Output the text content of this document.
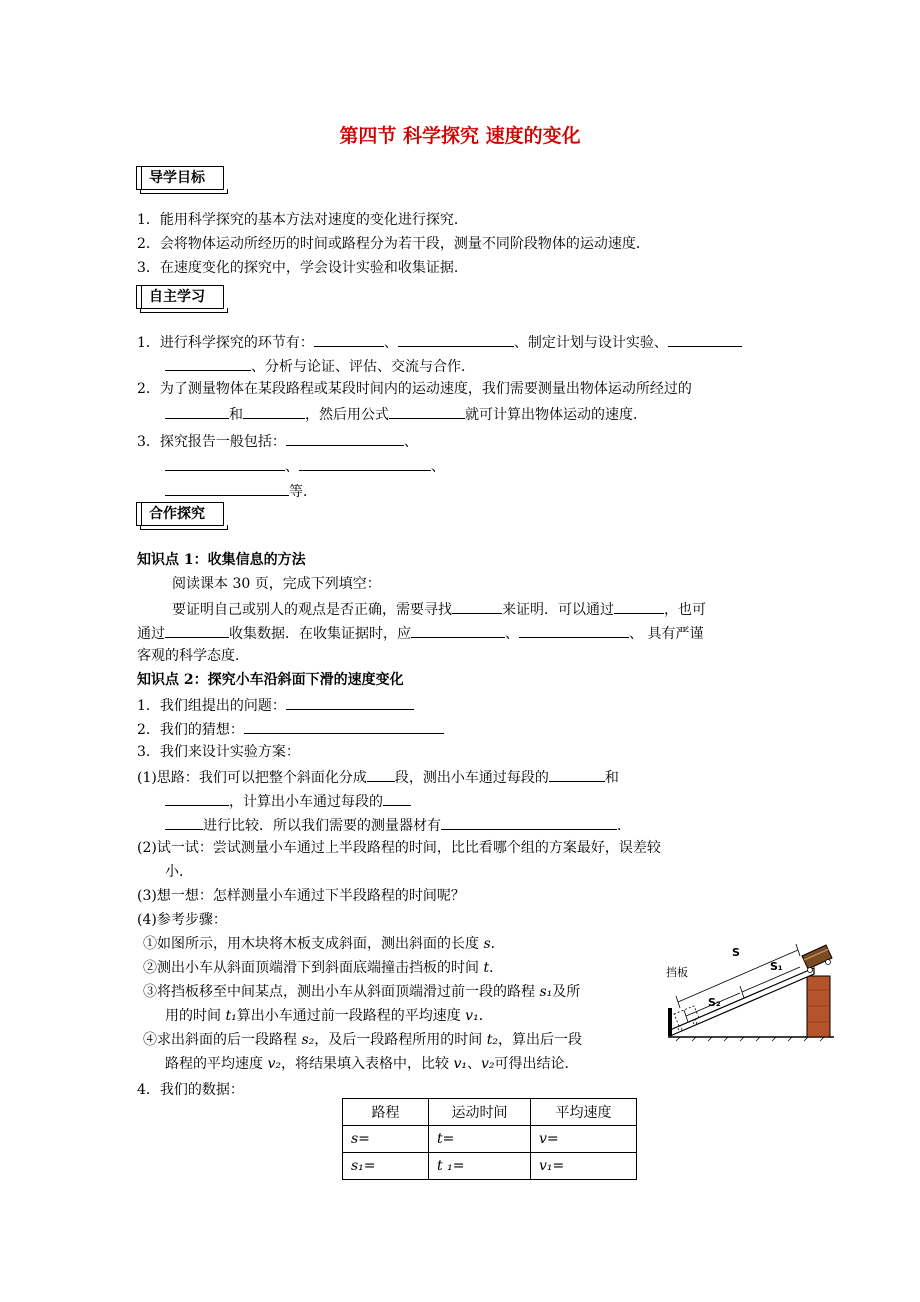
第四节 科学探究 速度的变化
导学目标
1．能用科学探究的基本方法对速度的变化进行探究．
2．会将物体运动所经历的时间或路程分为若干段，测量不同阶段物体的运动速度．
3．在速度变化的探究中，学会设计实验和收集证据．
自主学习
1．进行科学探究的环节有：	、	、制定计划与设计实验、
、分析与论证、评估、交流与合作．
2．为了测量物体在某段路程或某段时间内的运动速度，我们需要测量出物体运动所经过的
和	，然后用公式	就可计算出物体运动的速度．
3．探究报告一般包括：	、
、	、
等．
合作探究
知识点 1：收集信息的方法
阅读课本 30 页，完成下列填空：
要证明自己或别人的观点是否正确，需要寻找	来证明．可以通过	，也可
通过	收集数据．在收集证据时，应	、	、 具有严谨
客观的科学态度．
知识点 2：探究小车沿斜面下滑的速度变化
1．我们组提出的问题：
2．我们的猜想：
3．我们来设计实验方案：
(1)思路：我们可以把整个斜面化分成 段，测出小车通过每段的	和
，计算出小车通过每段的
进行比较．所以我们需要的测量器材有	．
(2)试一试：尝试测量小车通过上半段路程的时间，比比看哪个组的方案最好，误差较
小．
(3)想一想：怎样测量小车通过下半段路程的时间呢？
(4)参考步骤：
①如图所示，用木块将木板支成斜面，测出斜面的长度 s．
②测出小车从斜面顶端滑下到斜面底端撞击挡板的时间 t．
③将挡板移至中间某点，测出小车从斜面顶端滑过前一段的路程 s₁及所
用的时间 t₁算出小车通过前一段路程的平均速度 v₁．
④求出斜面的后一段路程 s₂，及后一段路程所用的时间 t₂，算出后一段
路程的平均速度 v₂，将结果填入表格中，比较 v₁、v₂可得出结论．
4．我们的数据：
挡板
S
S₁
S₂
路程	运动时间	平均速度
s=	t=	v=
s₁=	t ₁=	v₁=
